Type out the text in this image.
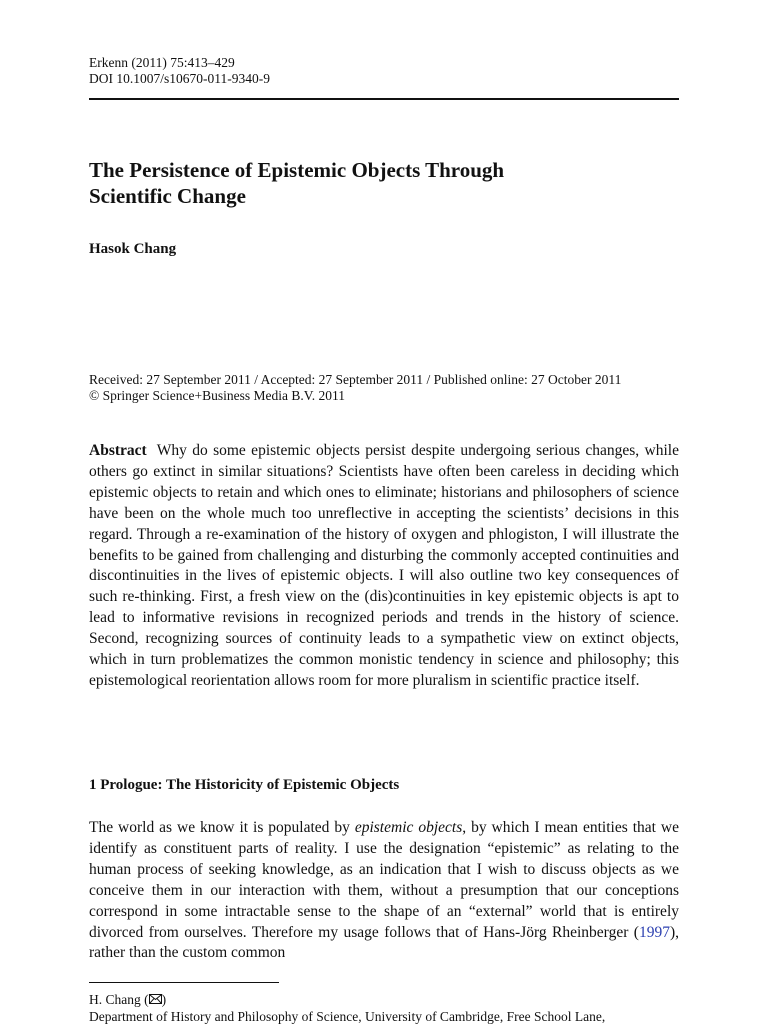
Erkenn (2011) 75:413–429
DOI 10.1007/s10670-011-9340-9
The Persistence of Epistemic Objects Through
Scientific Change
Hasok Chang
Received: 27 September 2011 / Accepted: 27 September 2011 / Published online: 27 October 2011
© Springer Science+Business Media B.V. 2011

Abstract Why do some epistemic objects persist despite undergoing serious changes, while others go extinct in similar situations? Scientists have often been careless in deciding which epistemic objects to retain and which ones to eliminate; historians and philosophers of science have been on the whole much too unreflective in accepting the scientists’ decisions in this regard. Through a re-examination of the history of oxygen and phlogiston, I will illustrate the benefits to be gained from challenging and disturbing the commonly accepted continuities and discontinuities in the lives of epistemic objects. I will also outline two key consequences of such re-thinking. First, a fresh view on the (dis)continuities in key epistemic objects is apt to lead to informative revisions in recognized periods and trends in the history of science. Second, recognizing sources of continuity leads to a sympathetic view on extinct objects, which in turn problematizes the common monistic tendency in science and philosophy; this epistemological reorientation allows room for more pluralism in scientific practice itself.

1 Prologue: The Historicity of Epistemic Objects

The world as we know it is populated by epistemic objects, by which I mean entities that we identify as constituent parts of reality. I use the designation “epistemic” as relating to the human process of seeking knowledge, as an indication that I wish to discuss objects as we conceive them in our interaction with them, without a presumption that our conceptions correspond in some intractable sense to the shape of an “external” world that is entirely divorced from ourselves. Therefore my usage follows that of Hans-Jörg Rheinberger (1997), rather than the custom common

H. Chang ( )
Department of History and Philosophy of Science, University of Cambridge, Free School Lane,
